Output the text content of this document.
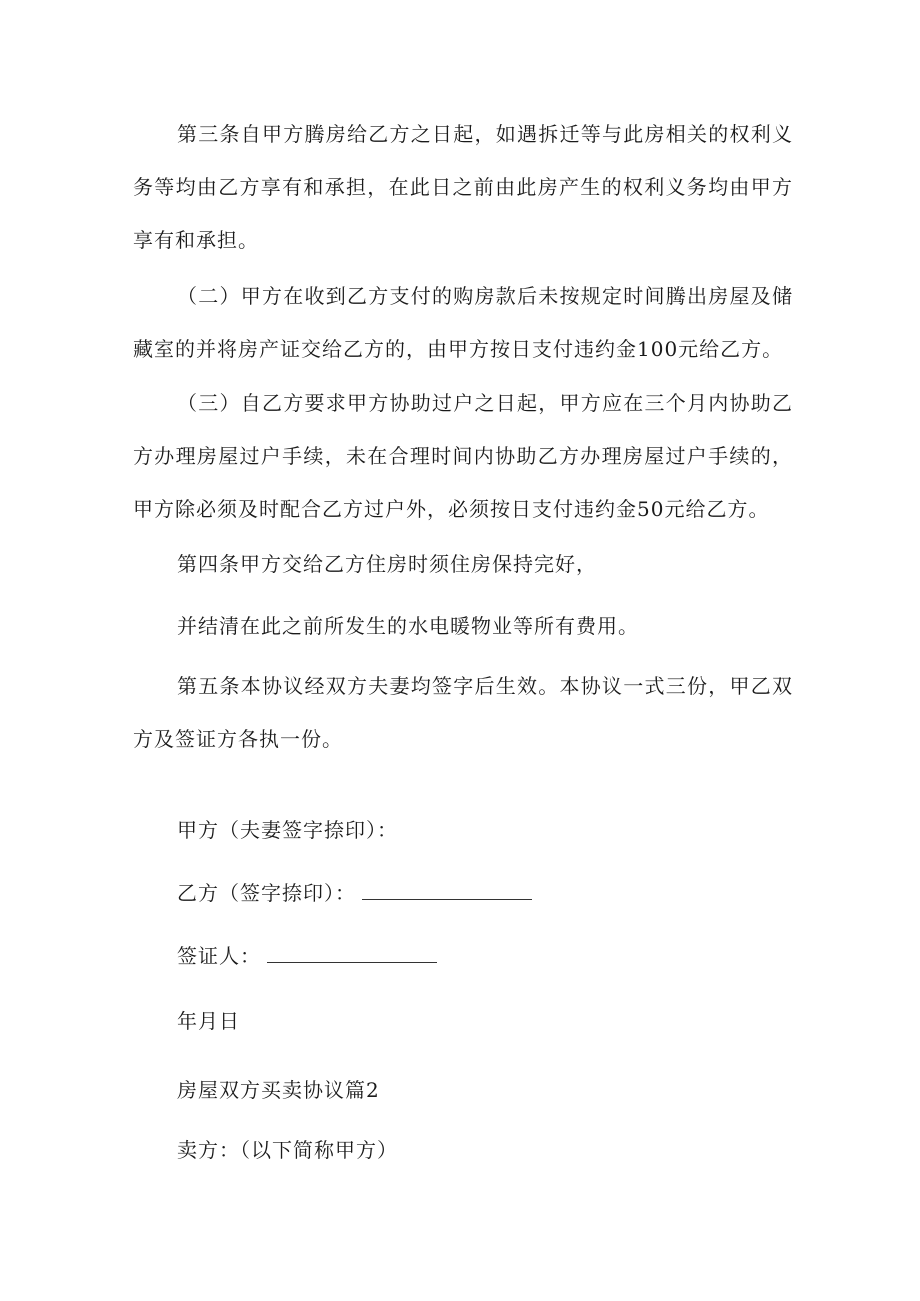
第三条自甲方腾房给乙方之日起，如遇拆迁等与此房相关的权利义务等均由乙方享有和承担，在此日之前由此房产生的权利义务均由甲方享有和承担。

（二）甲方在收到乙方支付的购房款后未按规定时间腾出房屋及储藏室的并将房产证交给乙方的，由甲方按日支付违约金100元给乙方。

（三）自乙方要求甲方协助过户之日起，甲方应在三个月内协助乙方办理房屋过户手续，未在合理时间内协助乙方办理房屋过户手续的，甲方除必须及时配合乙方过户外，必须按日支付违约金50元给乙方。

第四条甲方交给乙方住房时须住房保持完好，

并结清在此之前所发生的水电暖物业等所有费用。

第五条本协议经双方夫妻均签字后生效。本协议一式三份，甲乙双方及签证方各执一份。

甲方（夫妻签字捺印）：

乙方（签字捺印）：

签证人：

年月日

房屋双方买卖协议篇2

卖方：（以下简称甲方）
